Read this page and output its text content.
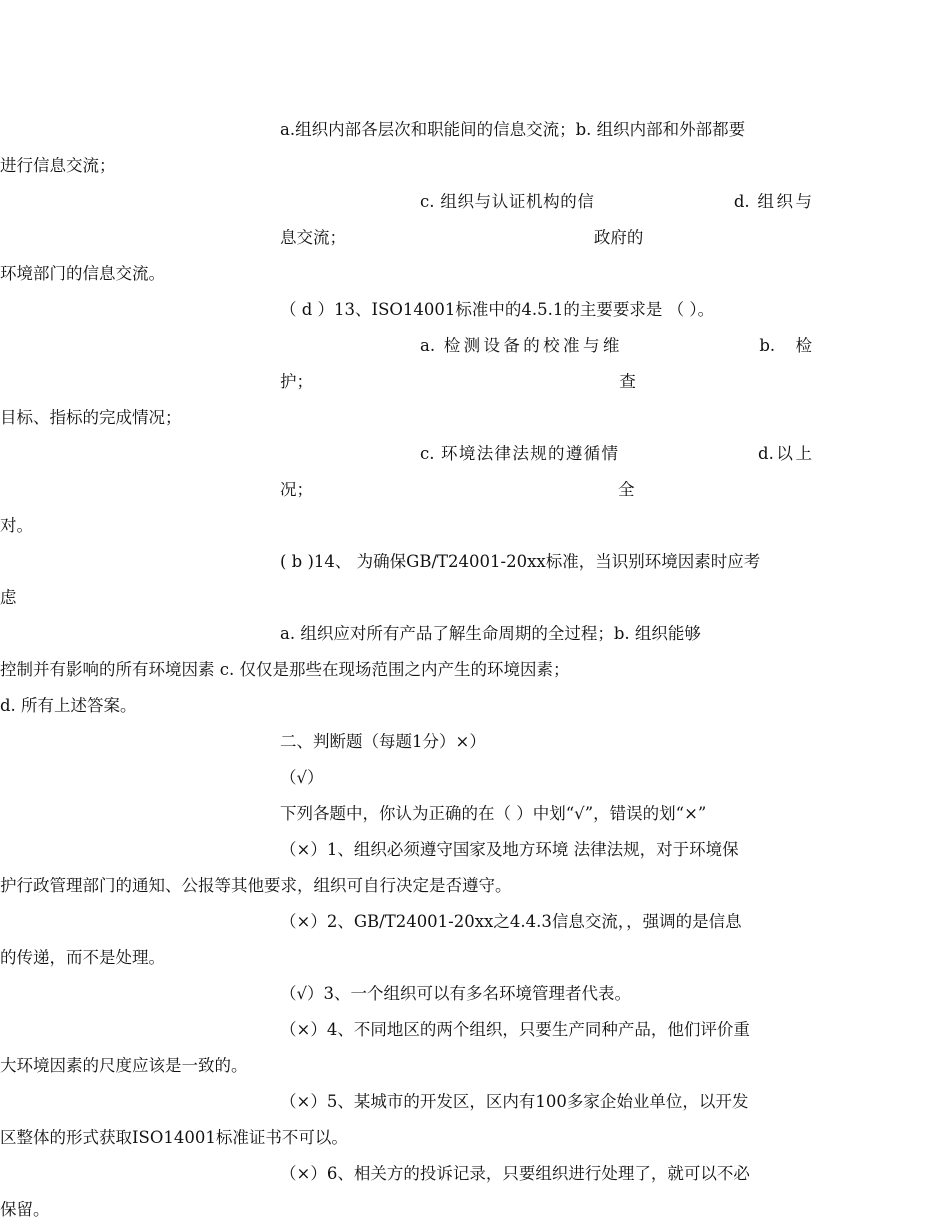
a.组织内部各层次和职能间的信息交流；b. 组织内部和外部都要
进行信息交流；
c. 组织与认证机构的信息交流；
d. 组织与政府的

环境部门的信息交流。
（ d ）13、ISO14001标准中的4.5.1的主要要求是 （ ）。
a. 检测设备的校准与维护；
b. 检查

目标、指标的完成情况；
c. 环境法律法规的遵循情况；
d.以上全

对。
( b )14、 为确保GB/T24001-20xx标准，当识别环境因素时应考
虑
a. 组织应对所有产品了解生命周期的全过程；b. 组织能够
控制并有影响的所有环境因素 c. 仅仅是那些在现场范围之内产生的环境因素；
d. 所有上述答案。
二、判断题（每题1分）×）
（√）
下列各题中，你认为正确的在（ ）中划“√”，错误的划“×”
（×）1、组织必须遵守国家及地方环境 法律法规，对于环境保
护行政管理部门的通知、公报等其他要求，组织可自行决定是否遵守。
（×）2、GB/T24001-20xx之4.4.3信息交流，，强调的是信息
的传递，而不是处理。
（√）3、一个组织可以有多名环境管理者代表。
（×）4、不同地区的两个组织，只要生产同种产品，他们评价重
大环境因素的尺度应该是一致的。
（×）5、某城市的开发区，区内有100多家企始业单位，以开发
区整体的形式获取ISO14001标准证书不可以。
（×）6、相关方的投诉记录，只要组织进行处理了，就可以不必
保留。
